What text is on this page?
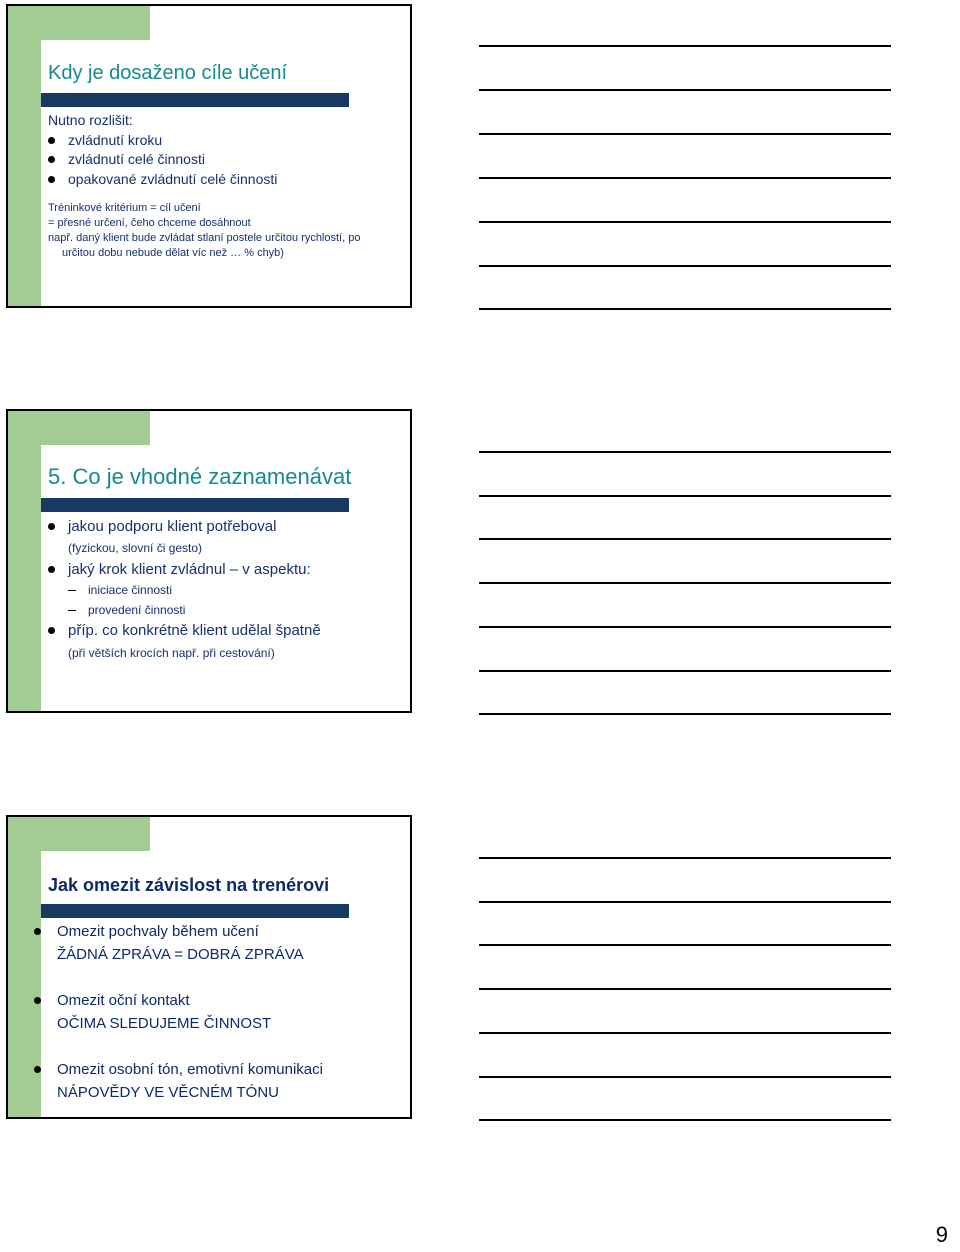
Kdy je dosaženo cíle učení
Nutno rozlišit:
zvládnutí kroku
zvládnutí celé činnosti
opakované zvládnutí celé činnosti
Tréninkové kritérium = cíl učení
= přesné určení, čeho chceme dosáhnout
např. daný klient bude zvládat stlaní postele určitou rychlostí, po
určitou dobu nebude dělat víc než … % chyb)
5. Co je vhodné zaznamenávat
jakou podporu klient potřeboval
(fyzickou, slovní či gesto)
jaký krok klient zvládnul – v aspektu:
iniciace činnosti
provedení činnosti
příp. co konkrétně klient udělal špatně
(při větších krocích např. při cestování)
Jak omezit závislost na trenérovi
Omezit pochvaly během učení
ŽÁDNÁ ZPRÁVA = DOBRÁ ZPRÁVA
Omezit oční kontakt
OČIMA SLEDUJEME ČINNOST
Omezit osobní tón, emotivní komunikaci
NÁPOVĚDY VE VĚCNÉM TÓNU
9
